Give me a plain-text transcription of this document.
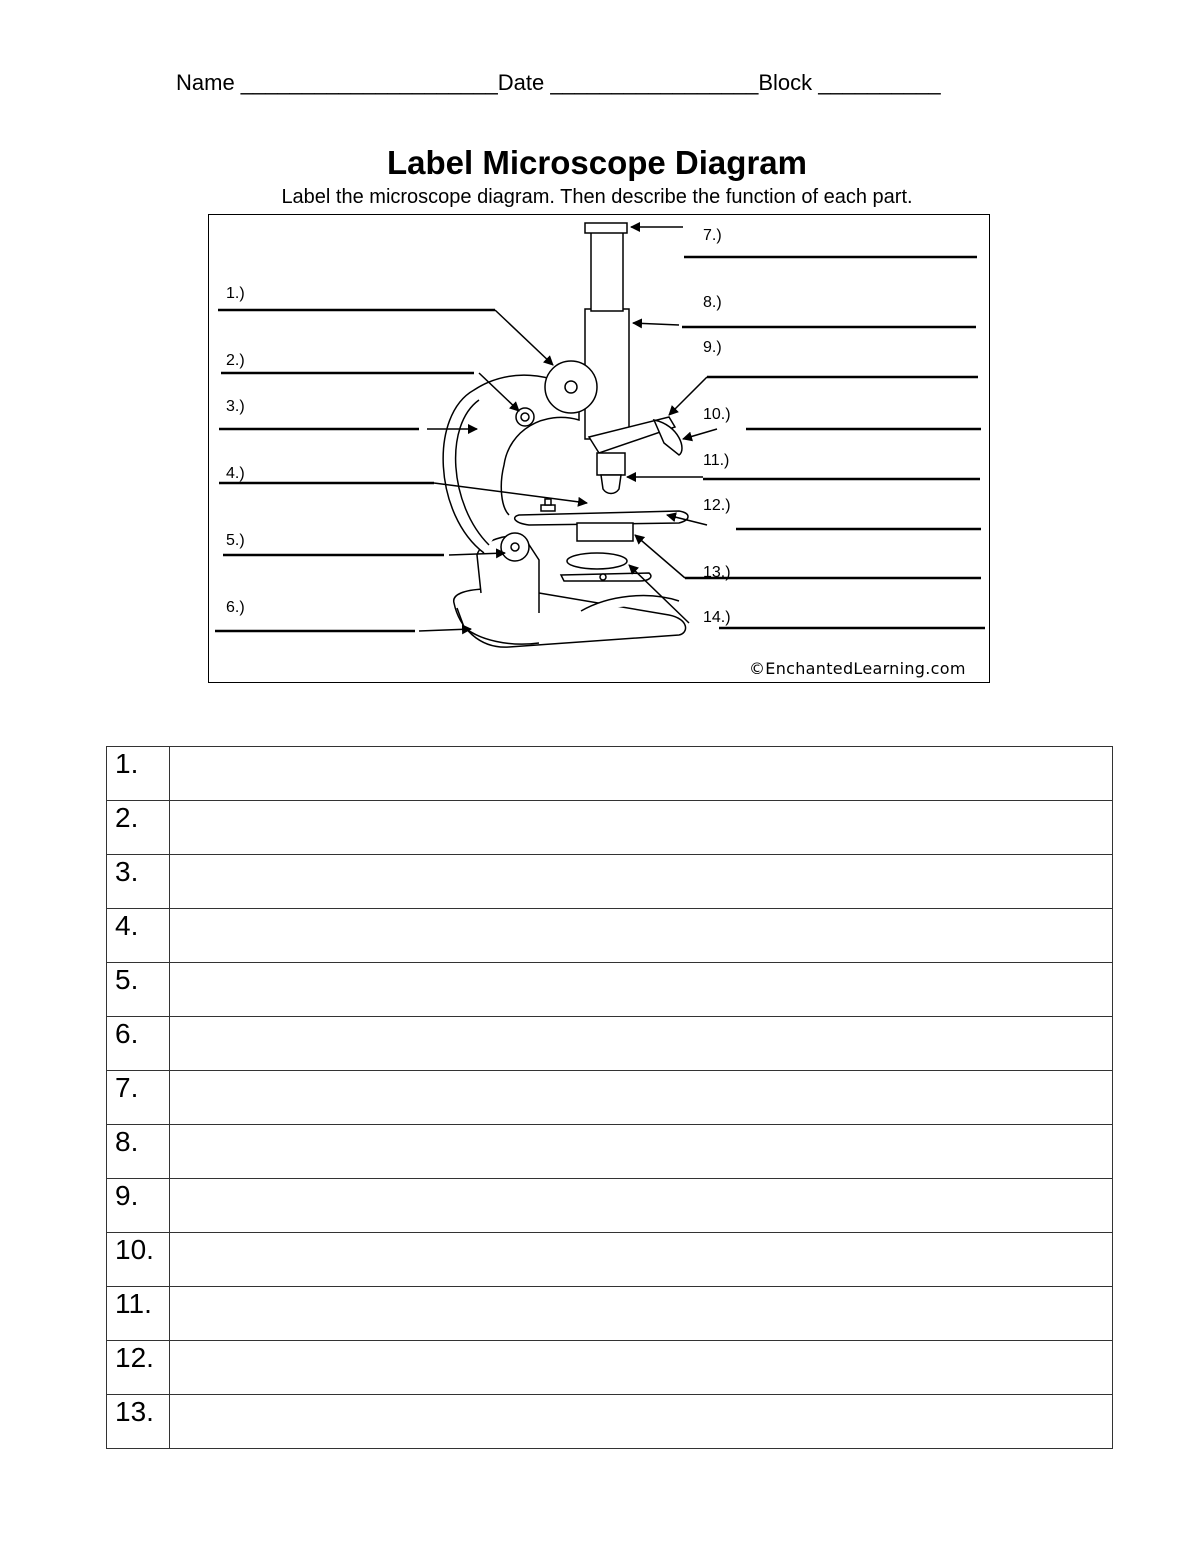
Name _____________________Date _________________Block __________
Label Microscope Diagram

Label the microscope diagram. Then describe the function of each part.

1.)
2.)
3.)
4.)
5.)
6.)
7.)
8.)
9.)
10.)
11.)
12.)
13.)
14.)
©EnchantedLearning.com
1.	
2.	
3.	
4.	
5.	
6.	
7.	
8.	
9.	
10.	
11.	
12.	
13.	
